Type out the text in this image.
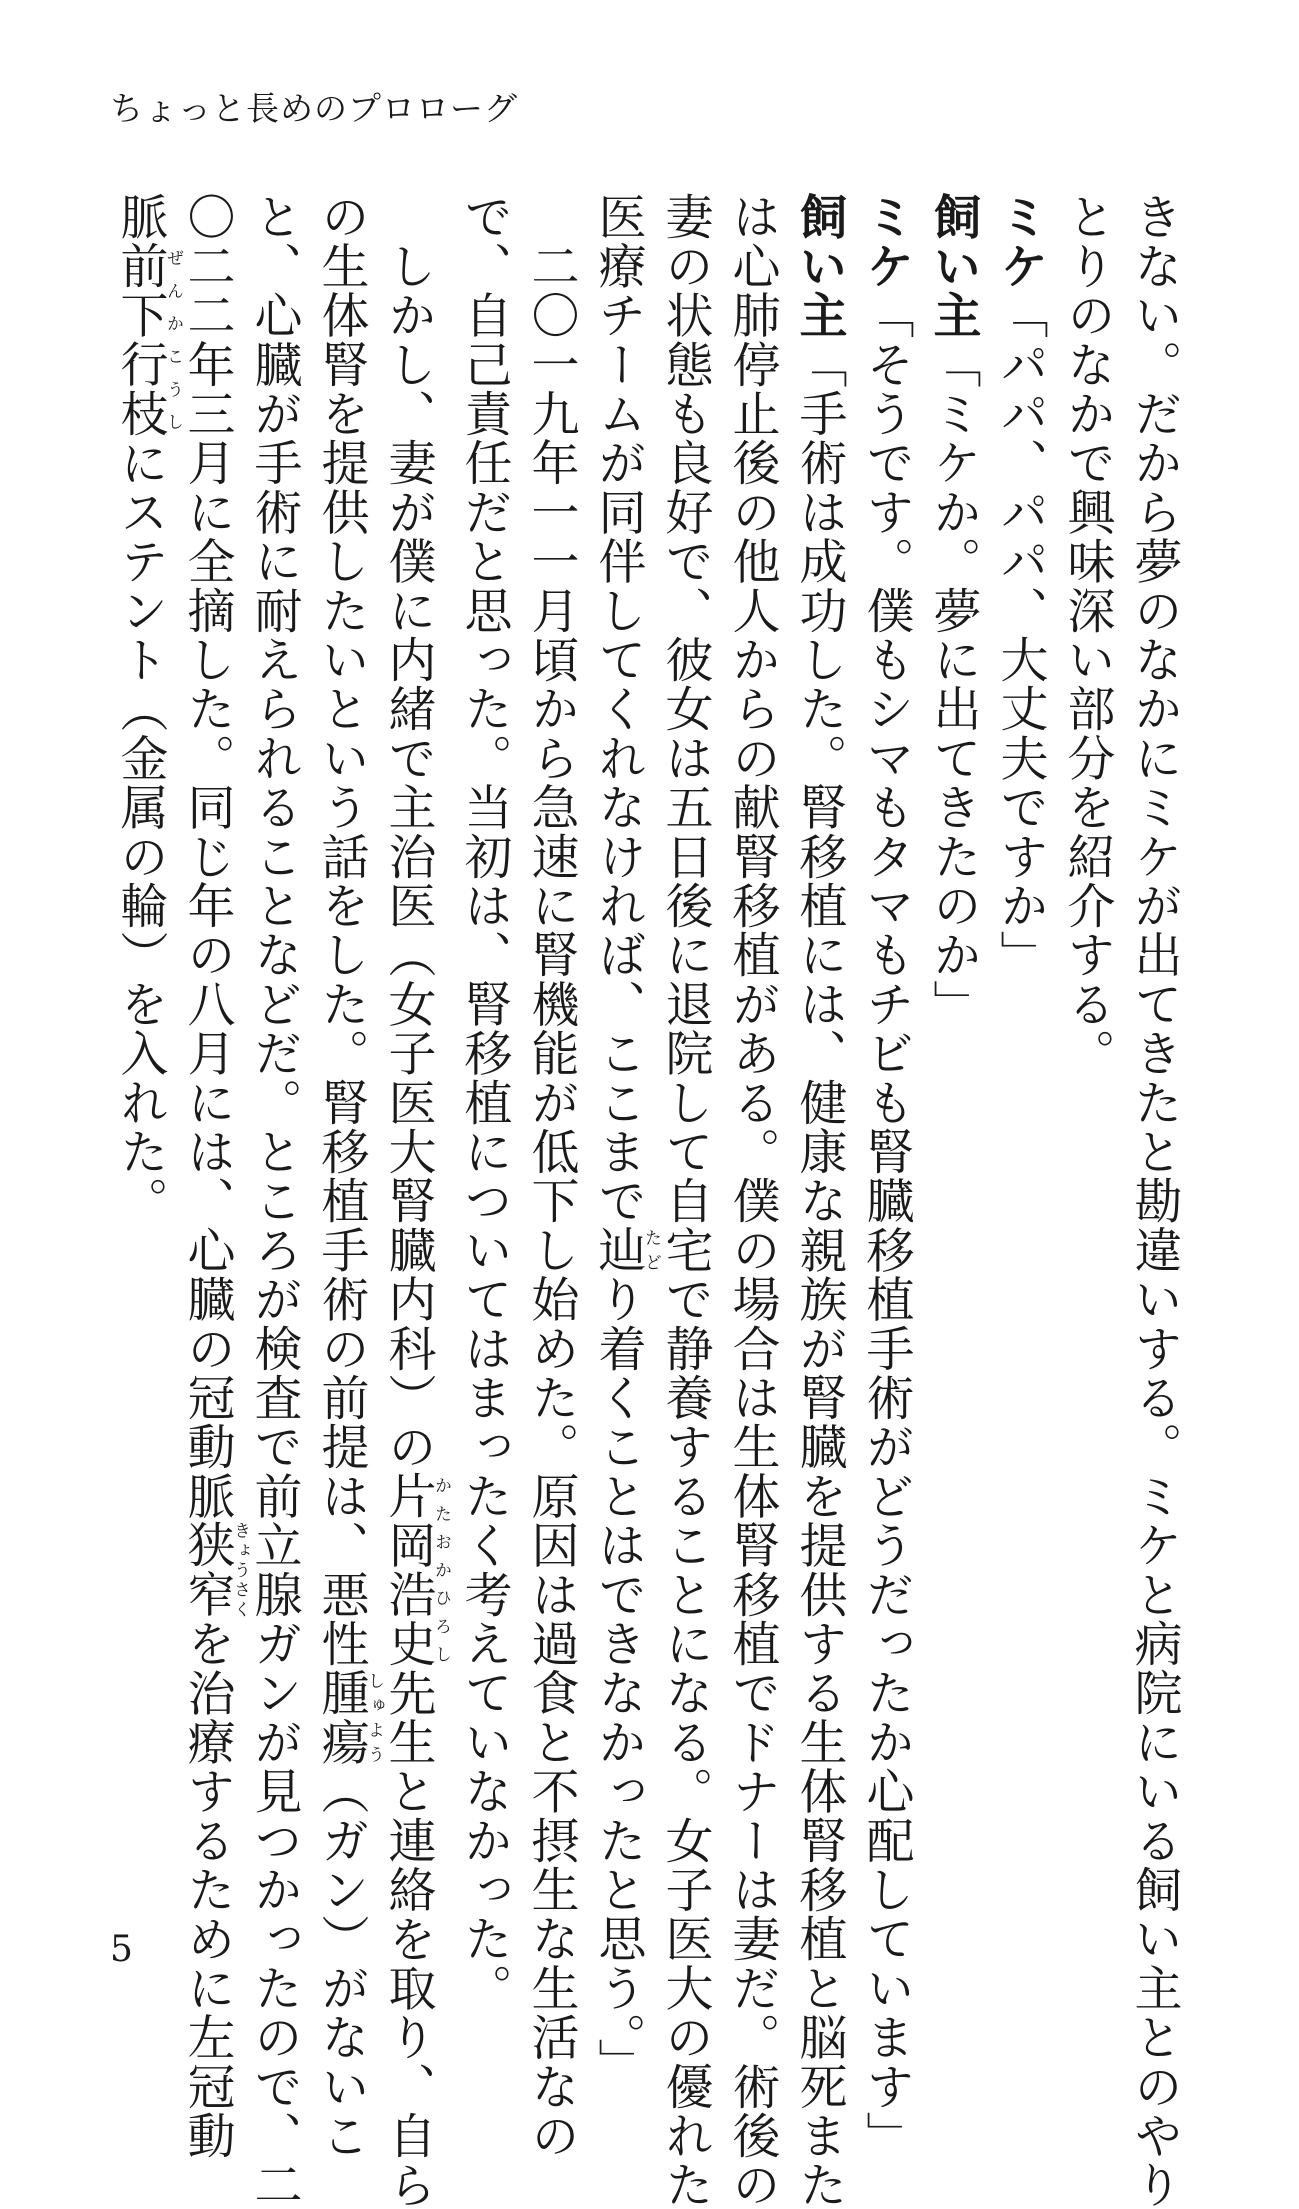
ちょっと長めのプロローグ

きない。だから夢のなかにミケが出てきたと勘違いする。ミケと病院にいる飼い主とのやり
とりのなかで興味深い部分を紹介する。

ミケ「パパ、パパ、大丈夫ですか」

飼い主「ミケか。夢に出てきたのか」

ミケ「そうです。僕もシマもタマもチビも腎臓移植手術がどうだったか心配しています」

飼い主「手術は成功した。腎移植には、健康な親族が腎臓を提供する生体腎移植と脳死また
は心肺停止後の他人からの献腎移植がある。僕の場合は生体腎移植でドナーは妻だ。術後の
妻の状態も良好で、彼女は五日後に退院して自宅で静養することになる。女子医大の優れた
医療チームが同伴してくれなければ、ここまで辿たどり着くことはできなかったと思う。」

　二〇一九年一一月頃から急速に腎機能が低下し始めた。原因は過食と不摂生な生活なの
で、自己責任だと思った。当初は、腎移植についてはまったく考えていなかった。

　しかし、妻が僕に内緒で主治医（女子医大腎臓内科）の片岡浩史かたおかひろし先生と連絡を取り、自ら
の生体腎を提供したいという話をした。腎移植手術の前提は、悪性腫瘍しゅよう（ガン）がないこ
と、心臓が手術に耐えられることなどだ。ところが検査で前立腺ガンが見つかったので、二
〇二二年三月に全摘した。同じ年の八月には、心臓の冠動脈狭窄きょうさくを治療するために左冠動
脈前下行枝ぜんかこうしにステント（金属の輪）を入れた。

5
